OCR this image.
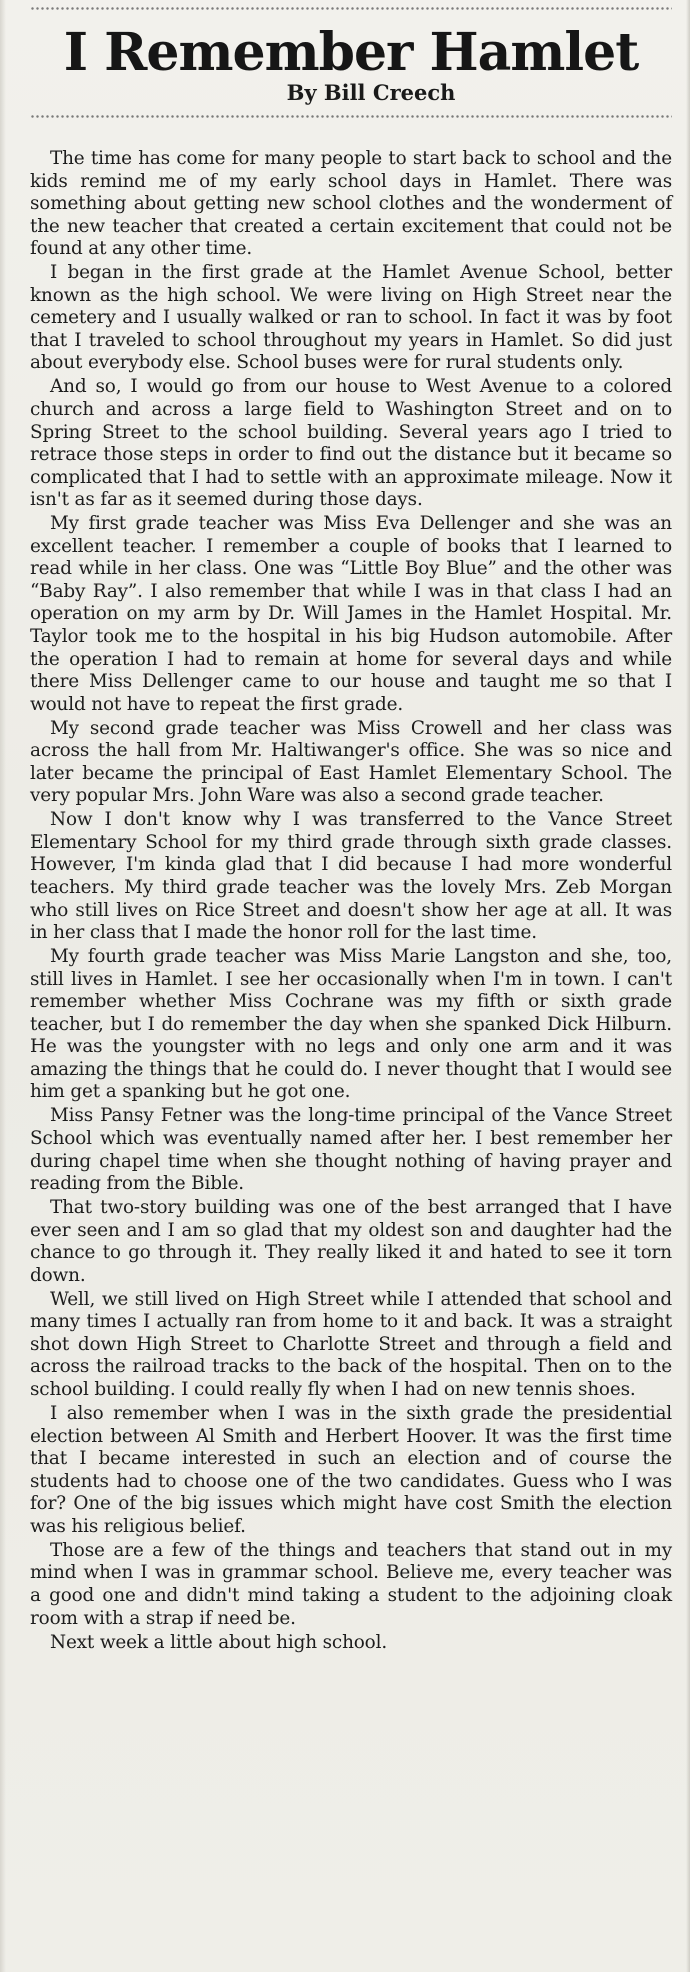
I Remember Hamlet
By Bill Creech

The time has come for many people to start back to school and the kids remind me of my early school days in Hamlet. There was something about getting new school clothes and the wonderment of the new teacher that created a certain excitement that could not be found at any other time.

I began in the first grade at the Hamlet Avenue School, better known as the high school. We were living on High Street near the cemetery and I usually walked or ran to school. In fact it was by foot that I traveled to school throughout my years in Hamlet. So did just about everybody else. School buses were for rural students only.

And so, I would go from our house to West Avenue to a colored church and across a large field to Washington Street and on to Spring Street to the school building. Several years ago I tried to retrace those steps in order to find out the distance but it became so complicated that I had to settle with an approximate mileage. Now it isn't as far as it seemed during those days.

My first grade teacher was Miss Eva Dellenger and she was an excellent teacher. I remember a couple of books that I learned to read while in her class. One was “Little Boy Blue” and the other was “Baby Ray”. I also remember that while I was in that class I had an operation on my arm by Dr. Will James in the Hamlet Hospital. Mr. Taylor took me to the hospital in his big Hudson automobile. After the operation I had to remain at home for several days and while there Miss Dellenger came to our house and taught me so that I would not have to repeat the first grade.

My second grade teacher was Miss Crowell and her class was across the hall from Mr. Haltiwanger's office. She was so nice and later became the principal of East Hamlet Elementary School. The very popular Mrs. John Ware was also a second grade teacher.

Now I don't know why I was transferred to the Vance Street Elementary School for my third grade through sixth grade classes. However, I'm kinda glad that I did because I had more wonderful teachers. My third grade teacher was the lovely Mrs. Zeb Morgan who still lives on Rice Street and doesn't show her age at all. It was in her class that I made the honor roll for the last time.

My fourth grade teacher was Miss Marie Langston and she, too, still lives in Hamlet. I see her occasionally when I'm in town. I can't remember whether Miss Cochrane was my fifth or sixth grade teacher, but I do remember the day when she spanked Dick Hilburn. He was the youngster with no legs and only one arm and it was amazing the things that he could do. I never thought that I would see him get a spanking but he got one.

Miss Pansy Fetner was the long-time principal of the Vance Street School which was eventually named after her. I best remember her during chapel time when she thought nothing of having prayer and reading from the Bible.

That two-story building was one of the best arranged that I have ever seen and I am so glad that my oldest son and daughter had the chance to go through it. They really liked it and hated to see it torn down.

Well, we still lived on High Street while I attended that school and many times I actually ran from home to it and back. It was a straight shot down High Street to Charlotte Street and through a field and across the railroad tracks to the back of the hospital. Then on to the school building. I could really fly when I had on new tennis shoes.

I also remember when I was in the sixth grade the presidential election between Al Smith and Herbert Hoover. It was the first time that I became interested in such an election and of course the students had to choose one of the two candidates. Guess who I was for? One of the big issues which might have cost Smith the election was his religious belief.

Those are a few of the things and teachers that stand out in my mind when I was in grammar school. Believe me, every teacher was a good one and didn't mind taking a student to the adjoining cloak room with a strap if need be.

Next week a little about high school.
